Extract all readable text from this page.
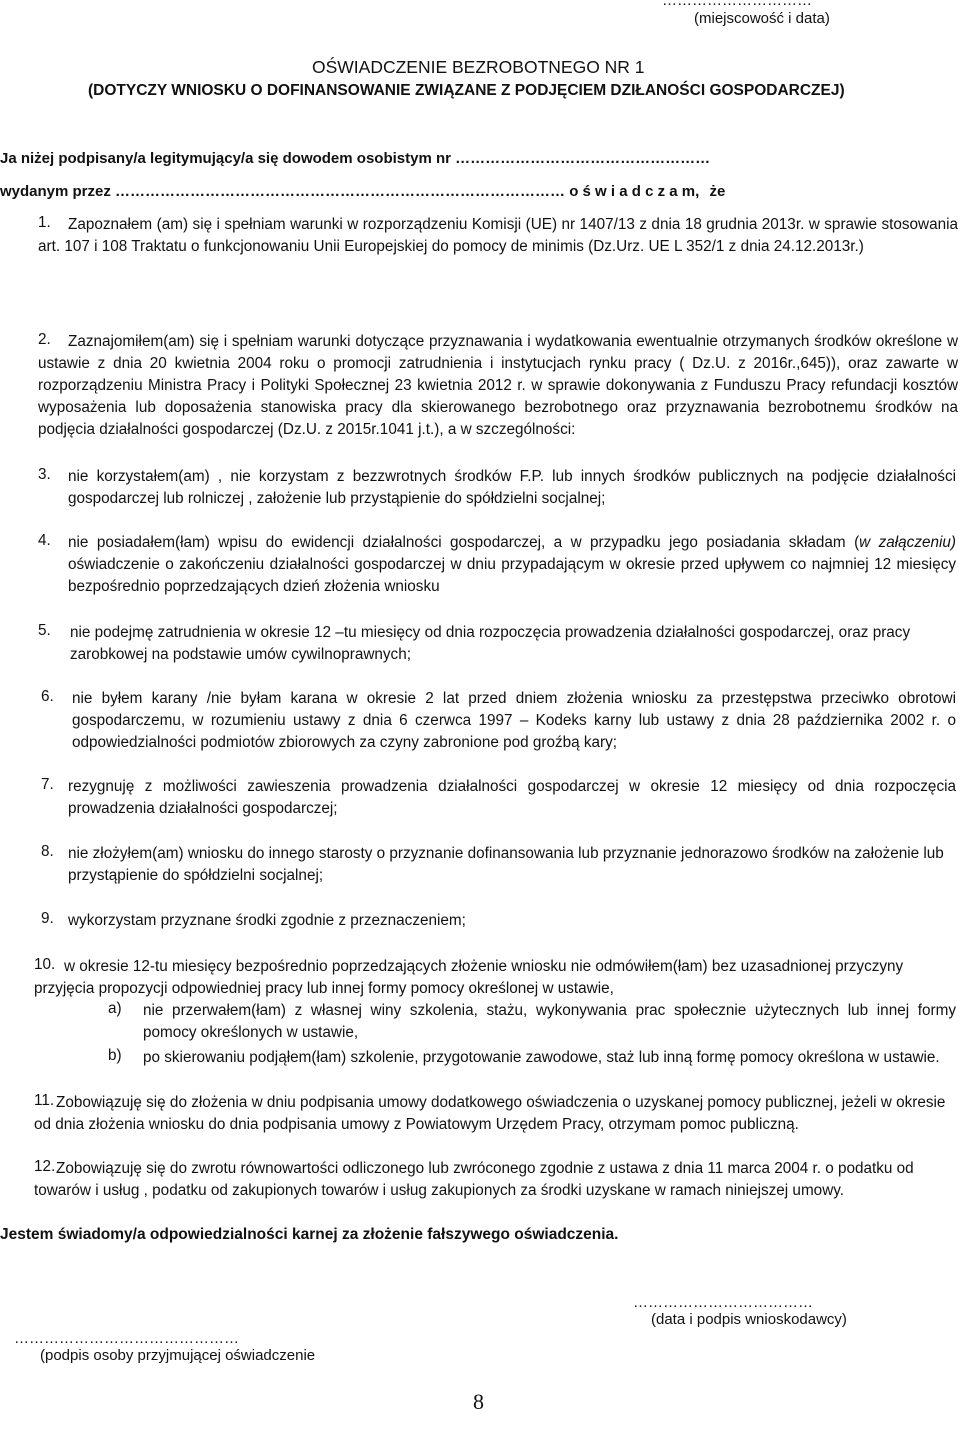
…………………………
(miejscowość i data)
OŚWIADCZENIE BEZROBOTNEGO NR 1
(DOTYCZY WNIOSKU O DOFINANSOWANIE ZWIĄZANE Z PODJĘCIEM DZIŁANOŚCI GOSPODARCZEJ)
Ja niżej podpisany/a legitymujący/a się dowodem osobistym nr ……………………………………………
wydanym przez ……………………………………………………………………………… o ś w i a d c z a m, że
1.	Zapoznałem (am) się i spełniam warunki w rozporządzeniu Komisji (UE) nr 1407/13 z dnia 18 grudnia 2013r. w sprawie stosowania art. 107 i 108 Traktatu o funkcjonowaniu Unii Europejskiej do pomocy de minimis (Dz.Urz. UE L 352/1 z dnia 24.12.2013r.)
2.	Zaznajomiłem(am) się i spełniam warunki dotyczące przyznawania i wydatkowania ewentualnie otrzymanych środków określone w ustawie z dnia 20 kwietnia 2004 roku o promocji zatrudnienia i instytucjach rynku pracy ( Dz.U. z 2016r.,645)), oraz zawarte w rozporządzeniu Ministra Pracy i Polityki Społecznej 23 kwietnia 2012 r. w sprawie dokonywania z Funduszu Pracy refundacji kosztów wyposażenia lub doposażenia stanowiska pracy dla skierowanego bezrobotnego oraz przyznawania bezrobotnemu środków na podjęcia działalności gospodarczej (Dz.U. z 2015r.1041 j.t.), a w szczególności:
3. nie korzystałem(am) , nie korzystam z bezzwrotnych środków F.P. lub innych środków publicznych na podjęcie działalności gospodarczej lub rolniczej , założenie lub przystąpienie do spółdzielni socjalnej;
4. nie posiadałem(łam) wpisu do ewidencji działalności gospodarczej, a w przypadku jego posiadania składam (w załączeniu) oświadczenie o zakończeniu działalności gospodarczej w dniu przypadającym w okresie przed upływem co najmniej 12 miesięcy bezpośrednio poprzedzających dzień złożenia wniosku
5. nie podejmę zatrudnienia w okresie 12 –tu miesięcy od dnia rozpoczęcia prowadzenia działalności gospodarczej, oraz pracy zarobkowej na podstawie umów cywilnoprawnych;
6. nie byłem karany /nie byłam karana w okresie 2 lat przed dniem złożenia wniosku za przestępstwa przeciwko obrotowi gospodarczemu, w rozumieniu ustawy z dnia 6 czerwca 1997 – Kodeks karny lub ustawy z dnia 28 października 2002 r. o odpowiedzialności podmiotów zbiorowych za czyny zabronione pod groźbą kary;
7. rezygnuję z możliwości zawieszenia prowadzenia działalności gospodarczej w okresie 12 miesięcy od dnia rozpoczęcia prowadzenia działalności gospodarczej;
8. nie złożyłem(am) wniosku do innego starosty o przyznanie dofinansowania lub przyznanie jednorazowo środków na założenie lub przystąpienie do spółdzielni socjalnej;
9. wykorzystam przyznane środki zgodnie z przeznaczeniem;
10. w okresie 12-tu miesięcy bezpośrednio poprzedzających złożenie wniosku nie odmówiłem(łam) bez uzasadnionej przyczyny przyjęcia propozycji odpowiedniej pracy lub innej formy pomocy określonej w ustawie,
a) nie przerwałem(łam) z własnej winy szkolenia, stażu, wykonywania prac społecznie użytecznych lub innej formy pomocy określonych w ustawie,
b) po skierowaniu podjąłem(łam) szkolenie, przygotowanie zawodowe, staż lub inną formę pomocy określona w ustawie.
11. Zobowiązuję się do złożenia w dniu podpisania umowy dodatkowego oświadczenia o uzyskanej pomocy publicznej, jeżeli w okresie od dnia złożenia wniosku do dnia podpisania umowy z Powiatowym Urzędem Pracy, otrzymam pomoc publiczną.
12. Zobowiązuję się do zwrotu równowartości odliczonego lub zwróconego zgodnie z ustawa z dnia 11 marca 2004 r. o podatku od towarów i usług , podatku od zakupionych towarów i usług zakupionych za środki uzyskane w ramach niniejszej umowy.
Jestem świadomy/a odpowiedzialności karnej za złożenie fałszywego oświadczenia.
………………………………
(data i podpis wnioskodawcy)
………………………………………
(podpis osoby przyjmującej oświadczenie
8
